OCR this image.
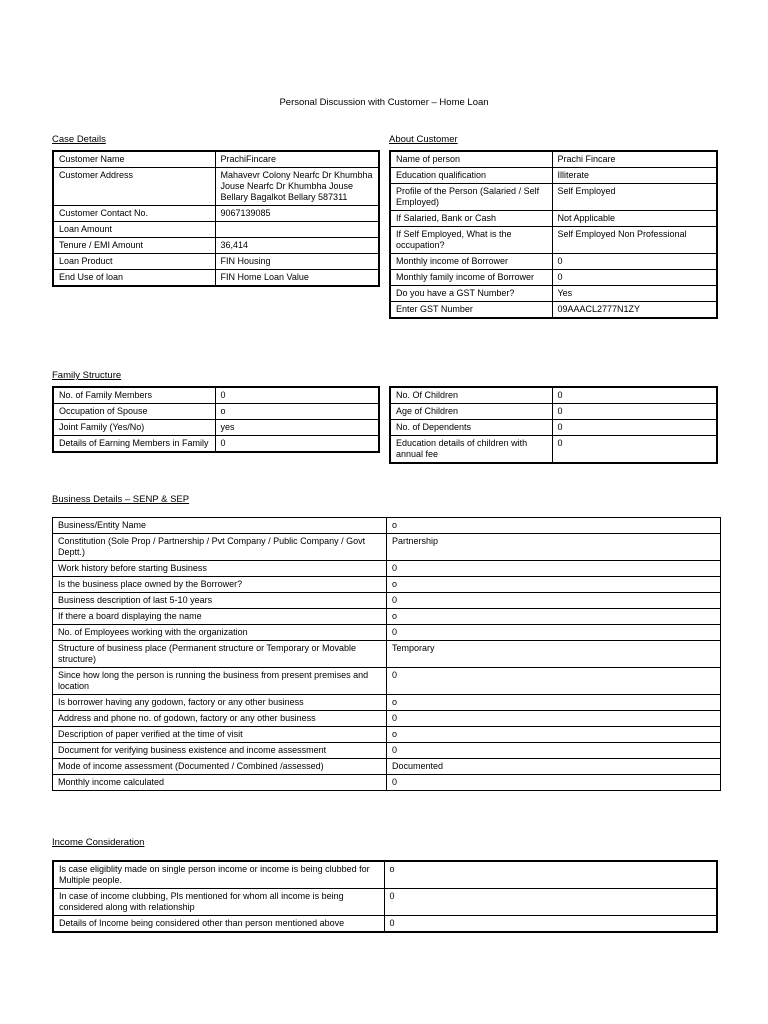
Personal Discussion with Customer – Home Loan
Case Details
Customer Name	PrachiFincare
Customer Address	Mahavevr Colony Nearfc Dr Khumbha Jouse Nearfc Dr Khumbha Jouse Bellary Bagalkot Bellary 587311
Customer Contact No.	9067139085
Loan Amount	
Tenure / EMI Amount	36,414
Loan Product	FIN Housing
End Use of loan	FIN Home Loan Value
About Customer
Name of person	Prachi Fincare
Education qualification	Illiterate
Profile of the Person (Salaried / Self Employed)	Self Employed
If Salaried, Bank or Cash	Not Applicable
If Self Employed, What is the occupation?	Self Employed Non Professional
Monthly income of Borrower	0
Monthly family income of Borrower	0
Do you have a GST Number?	Yes
Enter GST Number	09AAACL2777N1ZY
Family Structure
No. of Family Members	0
Occupation of Spouse	o
Joint Family (Yes/No)	yes
Details of Earning Members in Family	0
No. Of Children	0
Age of Children	0
No. of Dependents	0
Education details of children with annual fee	0
Business Details – SENP & SEP
Business/Entity Name	o
Constitution (Sole Prop / Partnership / Pvt Company / Public Company / Govt Deptt.)	Partnership
Work history before starting Business	0
Is the business place owned by the Borrower?	o
Business description of last 5-10 years	0
If there a board displaying the name	o
No. of Employees working with the organization	0
Structure of business place (Permanent structure or Temporary or Movable structure)	Temporary
Since how long the person is running the business from present premises and location	0
Is borrower having any godown, factory or any other business	o
Address and phone no. of godown, factory or any other business	0
Description of paper verified at the time of visit	o
Document for verifying business existence and income assessment	0
Mode of income assessment (Documented / Combined /assessed)	Documented
Monthly income calculated	0
Income Consideration
Is case eligiblity made on single person income or income is being clubbed for Multiple people.	o
In case of income clubbing, Pls mentioned for whom all income is being considered along with relationship	0
Details of Income being considered other than person mentioned above	0
